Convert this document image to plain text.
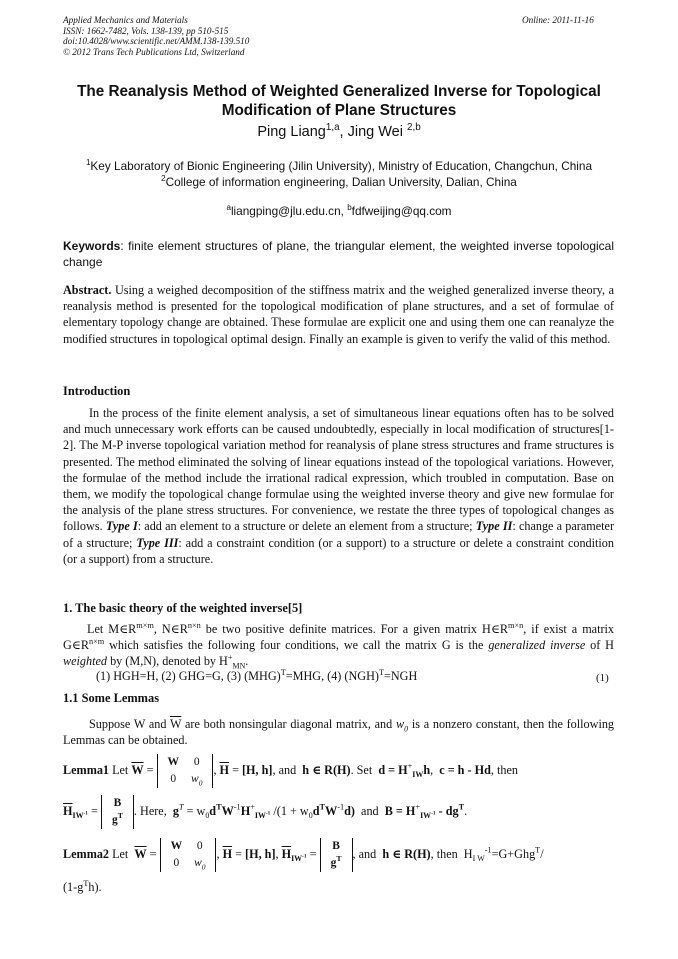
Applied Mechanics and Materials
ISSN: 1662-7482, Vols. 138-139, pp 510-515
doi:10.4028/www.scientific.net/AMM.138-139.510
© 2012 Trans Tech Publications Ltd, Switzerland
Online: 2011-11-16
The Reanalysis Method of Weighted Generalized Inverse for Topological
Modification of Plane Structures
Ping Liang$^{1,a}$, Jing Wei $^{2,b}$
$^1$Key Laboratory of Bionic Engineering (Jilin University), Ministry of Education, Changchun, China
$^2$College of information engineering, Dalian University, Dalian, China
$^a$liangping@jlu.edu.cn, $^b$fdfweijing@qq.com
Keywords: finite element structures of plane, the triangular element, the weighted inverse topological change
Abstract. Using a weighed decomposition of the stiffness matrix and the weighed generalized inverse theory, a reanalysis method is presented for the topological modification of plane structures, and a set of formulae of elementary topology change are obtained. These formulae are explicit one and using them one can reanalyze the modified structures in topological optimal design. Finally an example is given to verify the valid of this method.
Introduction
In the process of the finite element analysis, a set of simultaneous linear equations often has to be solved and much unnecessary work efforts can be caused undoubtedly, especially in local modification of structures[1-2]. The M-P inverse topological variation method for reanalysis of plane stress structures and frame structures is presented. The method eliminated the solving of linear equations instead of the topological variations. However, the formulae of the method include the irrational radical expression, which troubled in computation. Base on them, we modify the topological change formulae using the weighted inverse theory and give new formulae for the analysis of the plane stress structures. For convenience, we restate the three types of topological changes as follows. Type I: add an element to a structure or delete an element from a structure; Type II: change a parameter of a structure; Type III: add a constraint condition (or a support) to a structure or delete a constraint condition (or a support) from a structure.
1. The basic theory of the weighted inverse[5]
Let $M\in R^{m\times m}$, $N\in R^{n\times n}$ be two positive definite matrices. For a given matrix $H\in R^{m\times n}$, if exist a matrix $G\in R^{n\times m}$ which satisfies the following four conditions, we call the matrix G is the generalized inverse of H weighted by (M,N), denoted by $H^+_{MN}$.
(1) HGH=H, (2) GHG=G, (3) (MHG)$^T$=MHG, (4) (NGH)$^T$=NGH	(1)
1.1 Some Lemmas
Suppose W and $\overline{W}$ are both nonsingular diagonal matrix, and $w_0$ is a nonzero constant, then the following Lemmas can be obtained.
Lemma1 Let $\overline{W}$ =
W	0
0	$w_0$
, $\overline{H} = [H$, h], and h ∈ R(H). Set $d = H^+_{IW}h$,  c = h - Hd, then
$\overline{H}_{IW^{-1}}$ =
B
$g^T$ . Here, $g^T = w_0d^TW^{-1}H^+_{IW^{-1}}$ $/(1 + w_0d^TW^{-1}d)$ and $B = H^+_{IW^{-1}} - dg^T$.
Lemma2 Let $\overline{W}$ =
W	0
0	$w_0$
, $\overline{H} = [H$, h], $\overline{H}_{IW^{-1}}$ =
B
$g^T$ , and h ∈ R(H), then $H_I$ $_W^{-1}$=G+Ghg$^T$/
$(1-g^Th)$.
